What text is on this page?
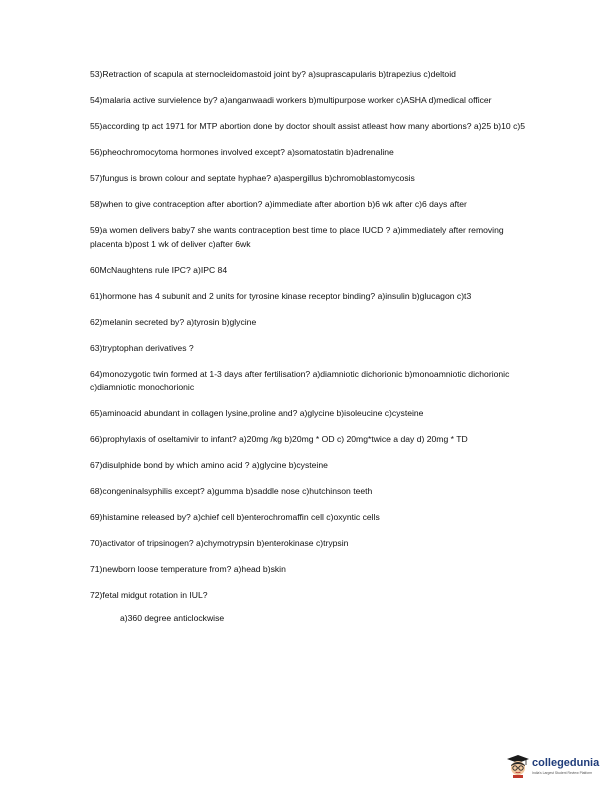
53)Retraction of scapula at sternocleidomastoid joint by? a)suprascapularis b)trapezius c)deltoid

54)malaria active survielence by? a)anganwaadi workers b)multipurpose worker c)ASHA d)medical officer

55)according tp act 1971 for MTP abortion done by doctor shoult assist atleast how many abortions? a)25 b)10 c)5

56)pheochromocytoma hormones involved except? a)somatostatin b)adrenaline

57)fungus is brown colour and septate hyphae? a)aspergillus b)chromoblastomycosis

58)when to give contraception after abortion? a)immediate after abortion b)6 wk after c)6 days after

59)a women delivers baby7 she wants contraception best time to place IUCD ? a)immediately after removing placenta b)post 1 wk of deliver c)after 6wk

60McNaughtens rule IPC? a)IPC 84

61)hormone has 4 subunit and 2 units for tyrosine kinase receptor binding? a)insulin b)glucagon c)t3

62)melanin secreted by? a)tyrosin b)glycine

63)tryptophan derivatives ?

64)monozygotic twin formed at 1-3 days after fertilisation? a)diamniotic dichorionic b)monoamniotic dichorionic c)diamniotic monochorionic

65)aminoacid abundant in collagen lysine,proline and? a)glycine b)isoleucine c)cysteine

66)prophylaxis of oseltamivir to infant? a)20mg /kg b)20mg * OD c) 20mg*twice a day d) 20mg * TD

67)disulphide bond by which amino acid ? a)glycine b)cysteine

68)congeninalsyphilis except? a)gumma b)saddle nose c)hutchinson teeth

69)histamine released by? a)chief cell b)enterochromaffin cell c)oxyntic cells

70)activator of tripsinogen? a)chymotrypsin b)enterokinase c)trypsin

71)newborn loose temperature from? a)head b)skin

72)fetal midgut rotation in IUL?

a)360 degree anticlockwise

collegedunia
India's Largest Student Review Platform
